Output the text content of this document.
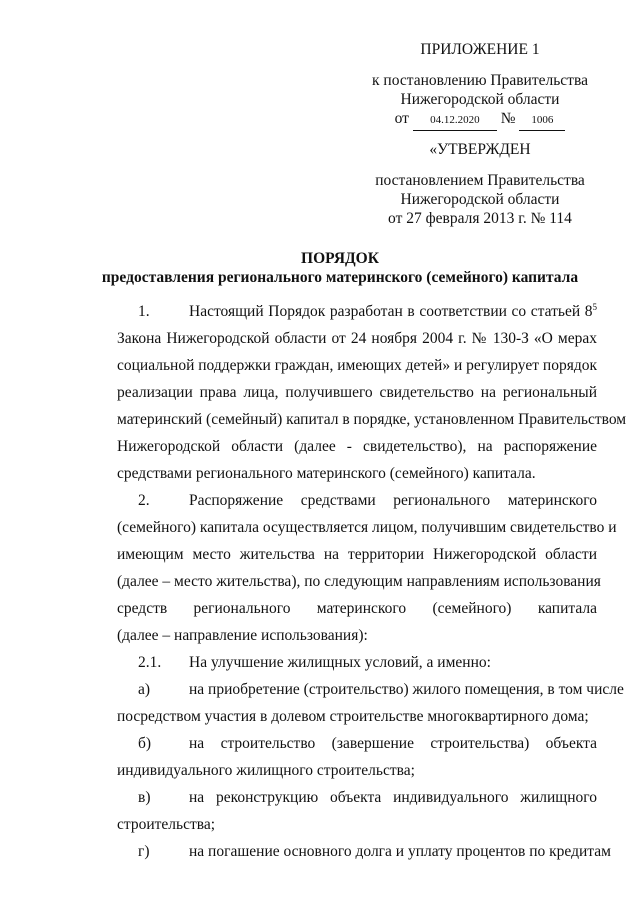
ПРИЛОЖЕНИЕ 1
к постановлению Правительства
Нижегородской области
от 04.12.2020 № 1006
«УТВЕРЖДЕН
постановлением Правительства
Нижегородской области
от 27 февраля 2013 г. № 114
ПОРЯДОК
предоставления регионального материнского (семейного) капитала
1.	Настоящий Порядок разработан в соответствии со статьей $8^5$
Закона Нижегородской области от 24 ноября 2004 г. № 130-З «О мерах
социальной поддержки граждан, имеющих детей» и регулирует порядок
реализации права лица, получившего свидетельство на региональный
материнский (семейный) капитал в порядке, установленном Правительством
Нижегородской области (далее - свидетельство), на распоряжение
средствами регионального материнского (семейного) капитала.
2.	Распоряжение средствами регионального материнского
(семейного) капитала осуществляется лицом, получившим свидетельство и
имеющим место жительства на территории Нижегородской области
(далее – место жительства), по следующим направлениям использования
средств регионального материнского (семейного) капитала
(далее – направление использования):
2.1. На улучшение жилищных условий, а именно:
а)	на приобретение (строительство) жилого помещения, в том числе
посредством участия в долевом строительстве многоквартирного дома;
б) на строительство (завершение строительства) объекта
индивидуального жилищного строительства;
в) на реконструкцию объекта индивидуального жилищного
строительства;
г)	на погашение основного долга и уплату процентов по кредитам
